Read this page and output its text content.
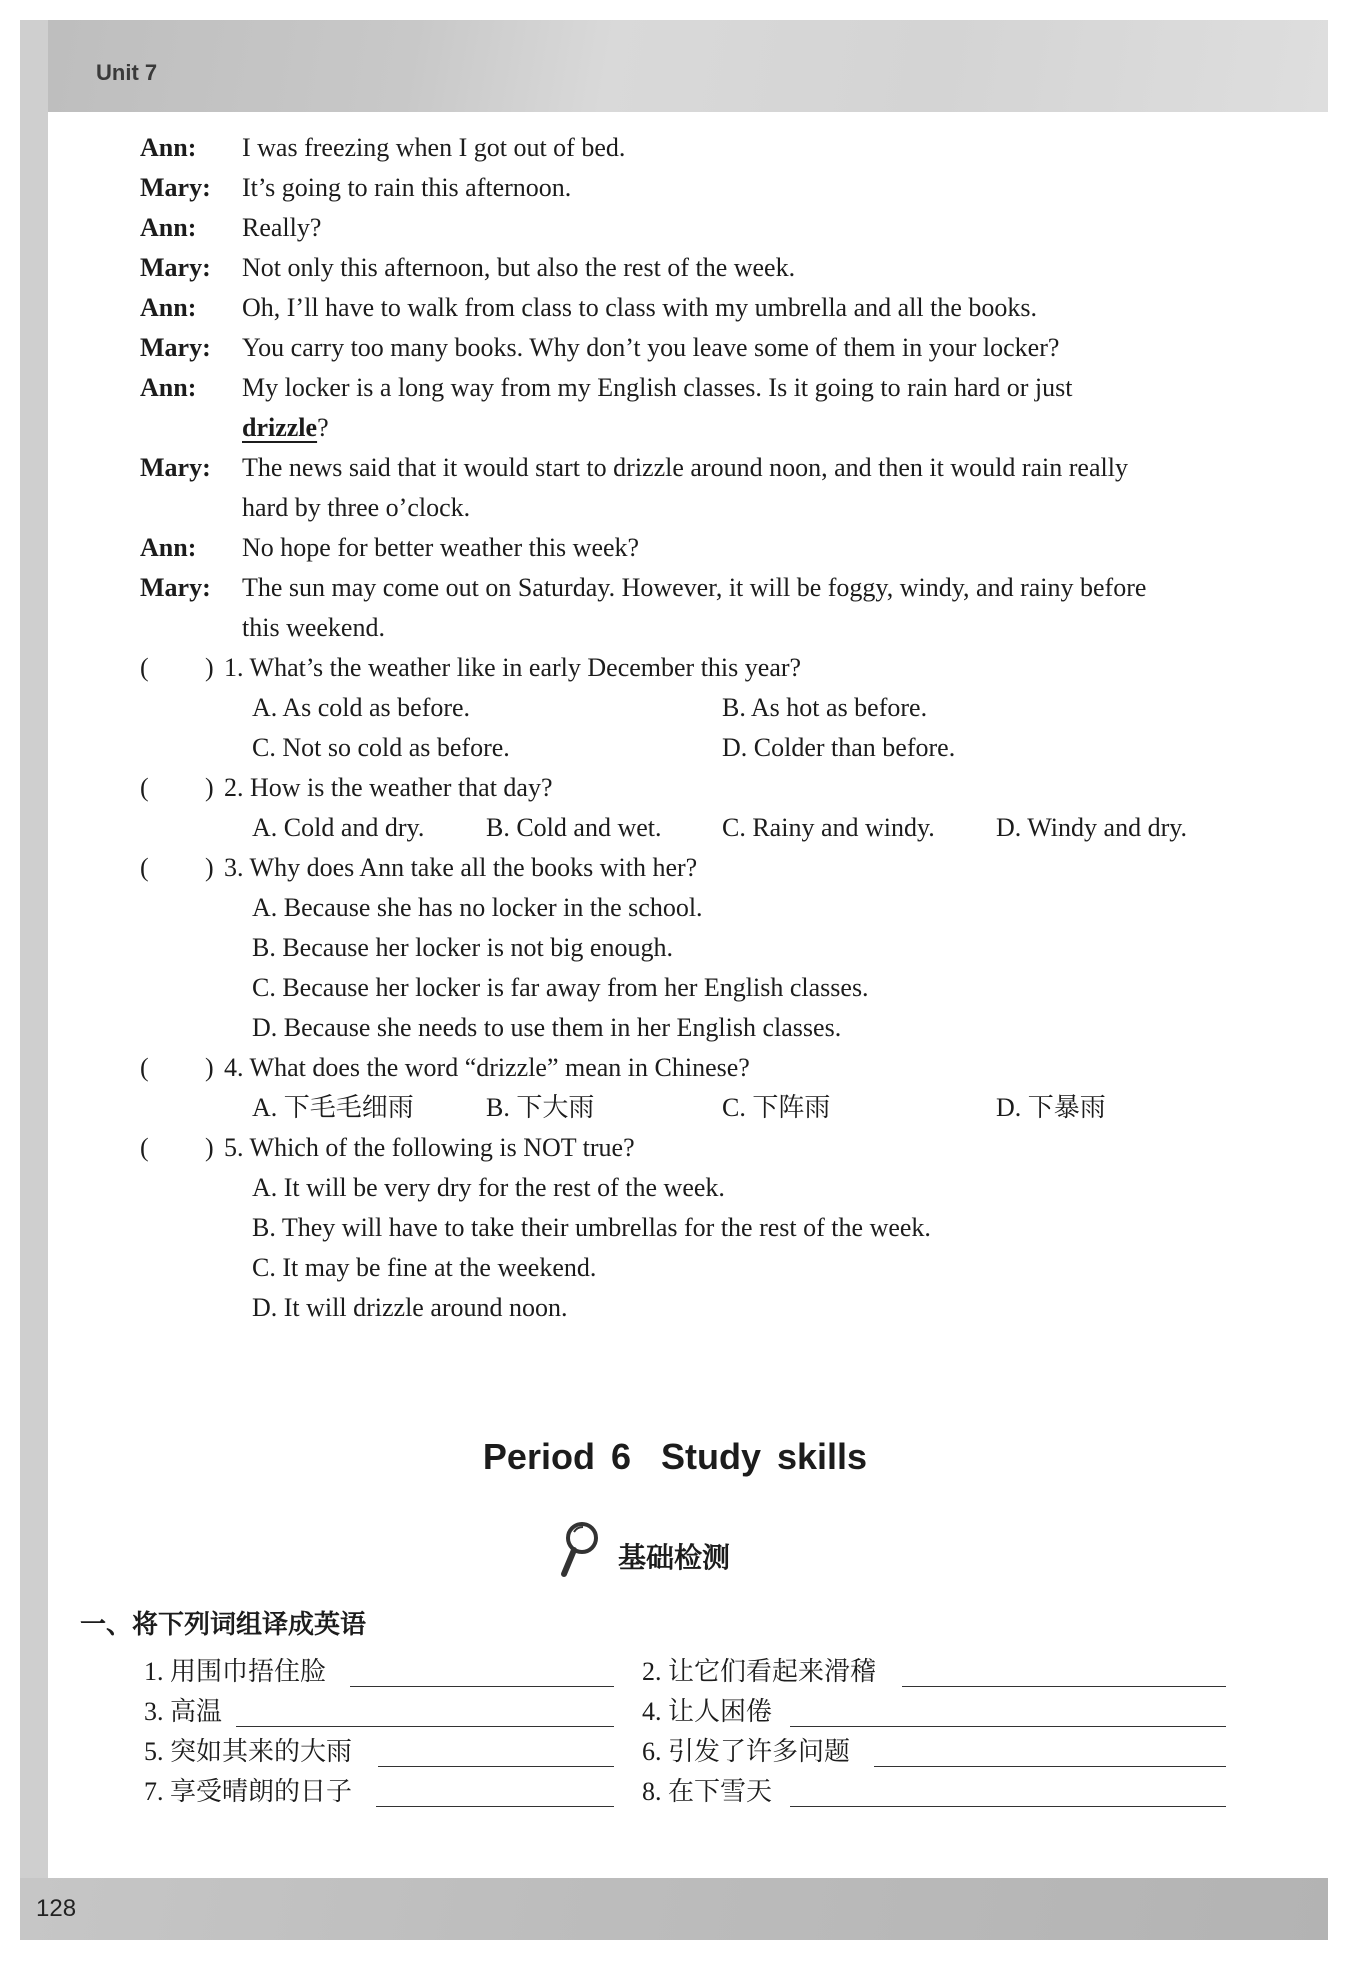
Unit 7
Ann: I was freezing when I got out of bed.
Mary: It’s going to rain this afternoon.
Ann: Really?
Mary: Not only this afternoon, but also the rest of the week.
Ann: Oh, I’ll have to walk from class to class with my umbrella and all the books.
Mary: You carry too many books. Why don’t you leave some of them in your locker?
Ann: My locker is a long way from my English classes. Is it going to rain hard or just
drizzle?
Mary: The news said that it would start to drizzle around noon, and then it would rain really
hard by three o’clock.
Ann: No hope for better weather this week?
Mary: The sun may come out on Saturday. However, it will be foggy, windy, and rainy before
this weekend.
( ) 1. What’s the weather like in early December this year?
A. As cold as before.	B. As hot as before.
C. Not so cold as before.	D. Colder than before.
( ) 2. How is the weather that day?
A. Cold and dry. B. Cold and wet. C. Rainy and windy. D. Windy and dry.
( ) 3. Why does Ann take all the books with her?
A. Because she has no locker in the school.
B. Because her locker is not big enough.
C. Because her locker is far away from her English classes.
D. Because she needs to use them in her English classes.
( ) 4. What does the word “drizzle” mean in Chinese?
A. 下毛毛细雨	B. 下大雨	C. 下阵雨	D. 下暴雨
( ) 5. Which of the following is NOT true?
A. It will be very dry for the rest of the week.
B. They will have to take their umbrellas for the rest of the week.
C. It may be fine at the weekend.
D. It will drizzle around noon.
Period 6 Study skills
基础检测
一、将下列词组译成英语
1. 用围巾捂住脸	2. 让它们看起来滑稽
3. 高温	4. 让人困倦
5. 突如其来的大雨	6. 引发了许多问题
7. 享受晴朗的日子	8. 在下雪天
128
